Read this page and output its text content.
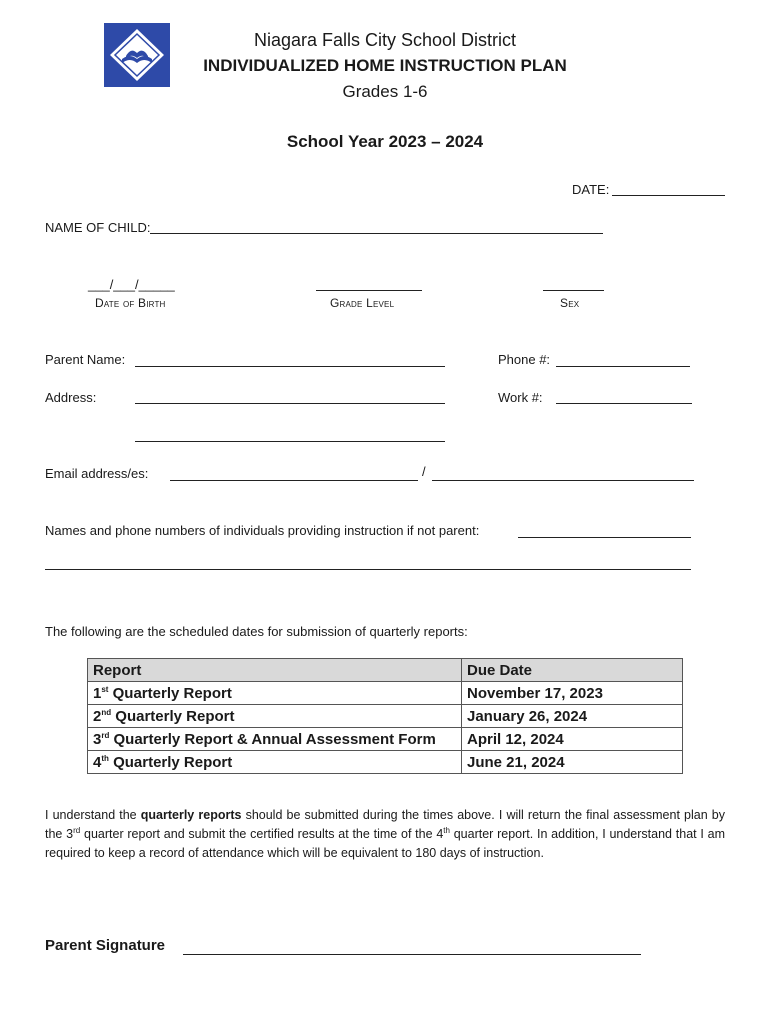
Niagara Falls City School District
INDIVIDUALIZED HOME INSTRUCTION PLAN
Grades 1-6
School Year 2023 – 2024
DATE:
NAME OF CHILD:
___/___/_____
Date of Birth	Grade Level	Sex
Parent Name:	Phone #:
Address:	Work #:
Email address/es:	/
Names and phone numbers of individuals providing instruction if not parent:
The following are the scheduled dates for submission of quarterly reports:
Report	Due Date
1st Quarterly Report	November 17, 2023
2nd Quarterly Report	January 26, 2024
3rd Quarterly Report & Annual Assessment Form	April 12, 2024
4th Quarterly Report	June 21, 2024
I understand the quarterly reports should be submitted during the times above. I will return the final assessment plan by the 3rd quarter report and submit the certified results at the time of the 4th quarter report. In addition, I understand that I am required to keep a record of attendance which will be equivalent to 180 days of instruction.
Parent Signature
